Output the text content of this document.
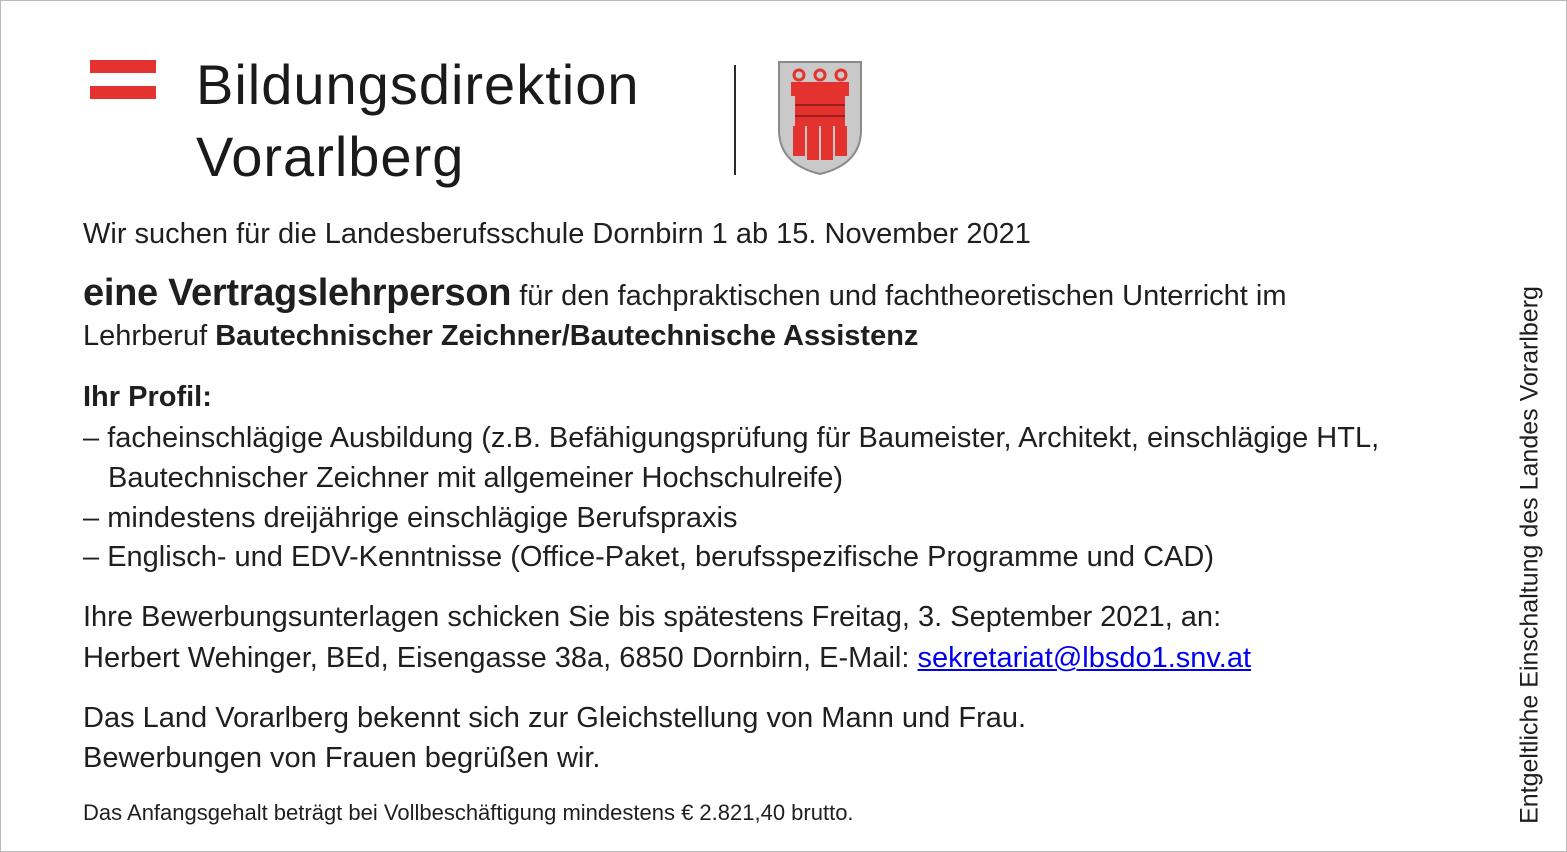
Bildungsdirektion
Vorarlberg
Wir suchen für die Landesberufsschule Dornbirn 1 ab 15. November 2021
eine Vertragslehrperson für den fachpraktischen und fachtheoretischen Unterricht im
Lehrberuf Bautechnischer Zeichner/Bautechnische Assistenz
Ihr Profil:
– facheinschlägige Ausbildung (z.B. Befähigungsprüfung für Baumeister, Architekt, einschlägige HTL,
Bautechnischer Zeichner mit allgemeiner Hochschulreife)
– mindestens dreijährige einschlägige Berufspraxis
– Englisch- und EDV-Kenntnisse (Office-Paket, berufsspezifische Programme und CAD)
Ihre Bewerbungsunterlagen schicken Sie bis spätestens Freitag, 3. September 2021, an:
Herbert Wehinger, BEd, Eisengasse 38a, 6850 Dornbirn, E-Mail: sekretariat@lbsdo1.snv.at
Das Land Vorarlberg bekennt sich zur Gleichstellung von Mann und Frau.
Bewerbungen von Frauen begrüßen wir.
Das Anfangsgehalt beträgt bei Vollbeschäftigung mindestens € 2.821,40 brutto.	Entgeltliche Einschaltung des Landes Vorarlberg
